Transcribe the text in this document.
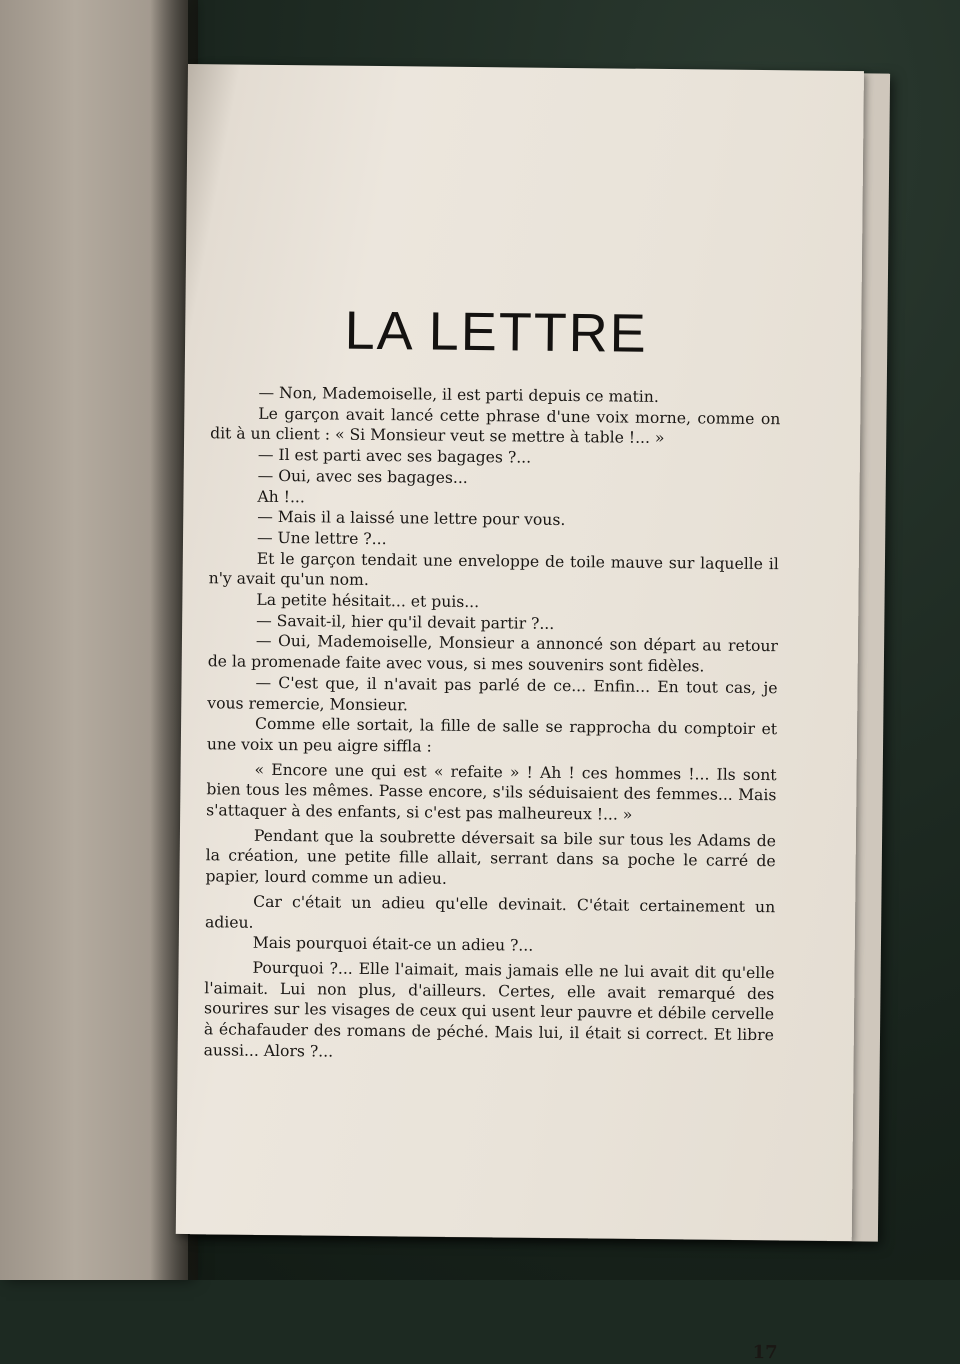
LA LETTRE

— Non, Mademoiselle, il est parti depuis ce matin.

Le garçon avait lancé cette phrase d'une voix morne, comme on dit à un client : « Si Monsieur veut se mettre à table !... »

— Il est parti avec ses bagages ?...

— Oui, avec ses bagages...

Ah !...

— Mais il a laissé une lettre pour vous.

— Une lettre ?...

Et le garçon tendait une enveloppe de toile mauve sur laquelle il n'y avait qu'un nom.

La petite hésitait... et puis...

— Savait-il, hier qu'il devait partir ?...

— Oui, Mademoiselle, Monsieur a annoncé son départ au retour de la promenade faite avec vous, si mes souvenirs sont fidèles.

— C'est que, il n'avait pas parlé de ce... Enfin... En tout cas, je vous remercie, Monsieur.

Comme elle sortait, la fille de salle se rapprocha du comptoir et une voix un peu aigre siffla :

« Encore une qui est « refaite » ! Ah ! ces hommes !... Ils sont bien tous les mêmes. Passe encore, s'ils séduisaient des femmes... Mais s'attaquer à des enfants, si c'est pas malheureux !... »

Pendant que la soubrette déversait sa bile sur tous les Adams de la création, une petite fille allait, serrant dans sa poche le carré de papier, lourd comme un adieu.

Car c'était un adieu qu'elle devinait. C'était certainement un adieu.

Mais pourquoi était-ce un adieu ?...

Pourquoi ?... Elle l'aimait, mais jamais elle ne lui avait dit qu'elle l'aimait. Lui non plus, d'ailleurs. Certes, elle avait remarqué des sourires sur les visages de ceux qui usent leur pauvre et débile cervelle à échafauder des romans de péché. Mais lui, il était si correct. Et libre aussi... Alors ?...

17
